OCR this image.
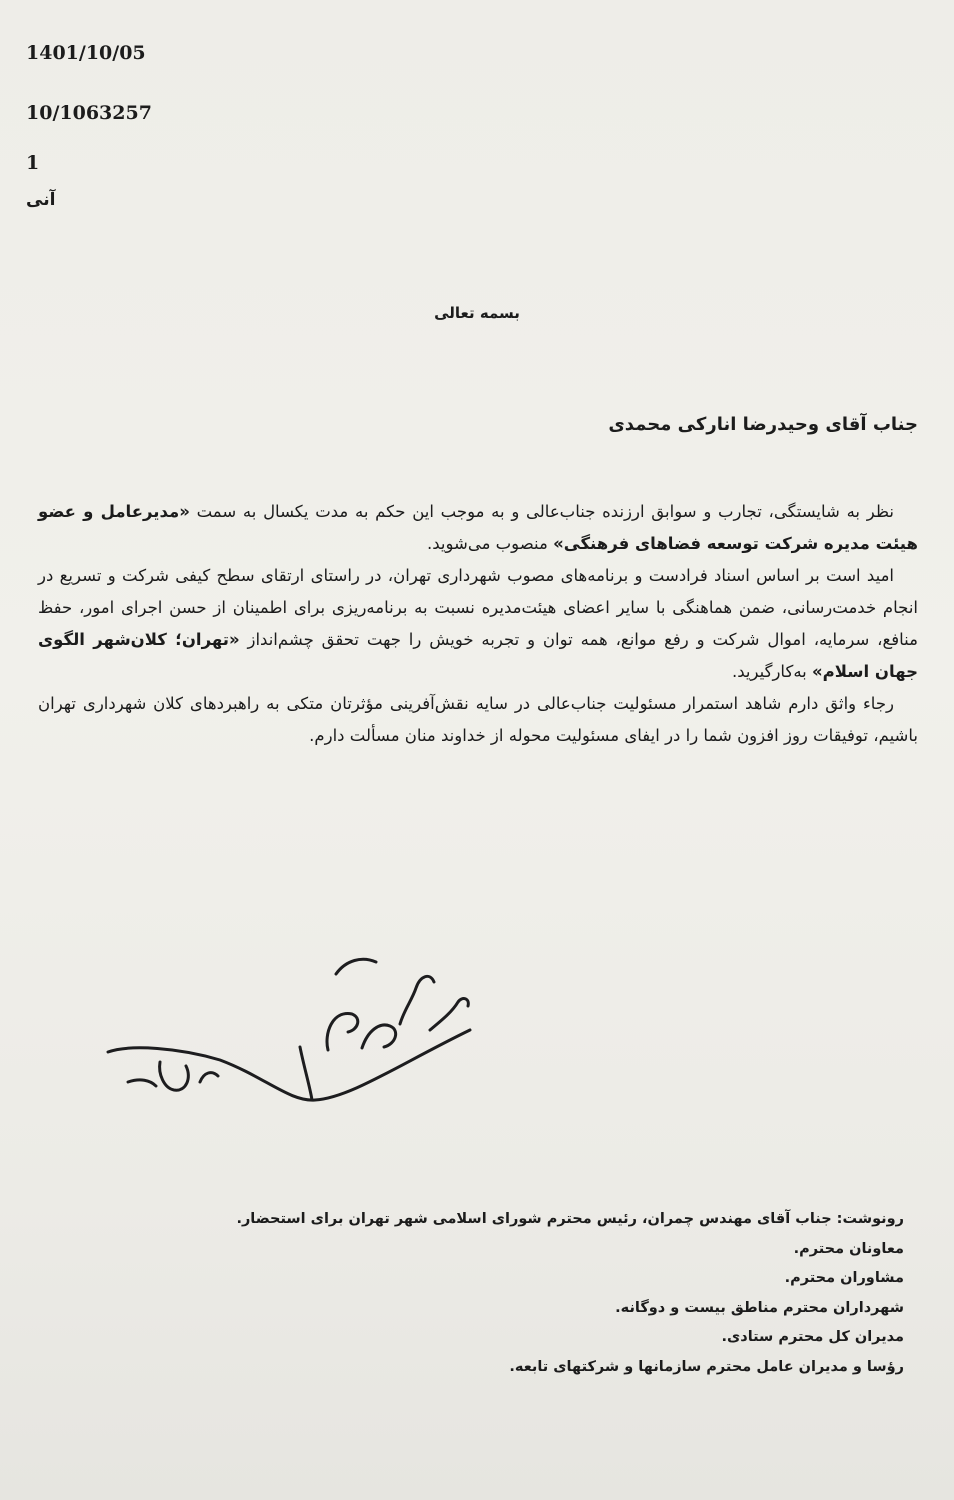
1401/10/05
10/1063257
1
آنی
بسمه تعالی
جناب آقای وحیدرضا انارکی محمدی

نظر به شایستگی، تجارب و سوابق ارزنده جناب‌عالی و به موجب این حکم به مدت یکسال به سمت «مدیرعامل و عضو هیئت مدیره شرکت توسعه فضاهای فرهنگی» منصوب می‌شوید.

امید است بر اساس اسناد فرادست و برنامه‌های مصوب شهرداری تهران، در راستای ارتقای سطح کیفی شرکت و تسریع در انجام خدمت‌رسانی، ضمن هماهنگی با سایر اعضای هیئت‌مدیره نسبت به برنامه‌ریزی برای اطمینان از حسن اجرای امور، حفظ منافع، سرمایه، اموال شرکت و رفع موانع، همه توان و تجربه خویش را جهت تحقق چشم‌انداز «تهران؛ کلان‌شهر الگوی جهان اسلام» به‌کارگیرید.

رجاء واثق دارم شاهد استمرار مسئولیت جناب‌عالی در سایه نقش‌آفرینی مؤثرتان متکی به راهبردهای کلان شهرداری تهران باشیم، توفیقات روز افزون شما را در ایفای مسئولیت محوله از خداوند منان مسألت دارم.

رونوشت: جناب آقای مهندس چمران، رئیس محترم شورای اسلامی شهر تهران برای استحضار.
معاونان محترم.
مشاوران محترم.
شهرداران محترم مناطق بیست و دوگانه.
مدیران کل محترم ستادی.
رؤسا و مدیران عامل محترم سازمانها و شرکتهای تابعه.
